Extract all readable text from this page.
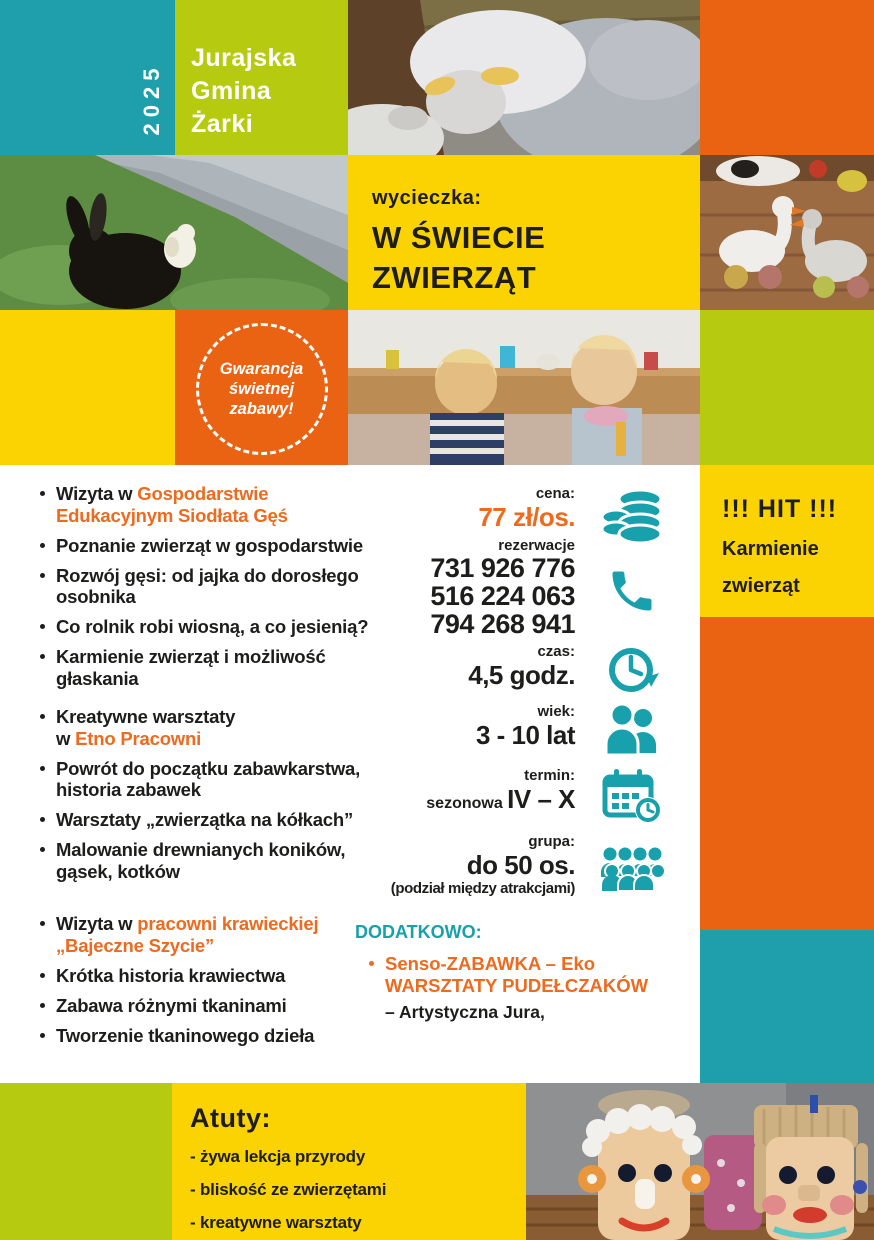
2025
Jurajska
Gmina
Żarki
wycieczka:
W ŚWIECIE
ZWIERZĄT
Gwarancja
świetnej
zabawy!
!!! HIT !!!
Karmienie
zwierząt
Wizyta w Gospodarstwie Edukacyjnym Siodłata Gęś
Poznanie zwierząt w gospodarstwie
Rozwój gęsi: od jajka do dorosłego osobnika
Co rolnik robi wiosną, a co jesienią?
Karmienie zwierząt i możliwość głaskania
Kreatywne warsztaty
w Etno Pracowni
Powrót do początku zabawkarstwa, historia zabawek
Warsztaty „zwierzątka na kółkach”
Malowanie drewnianych koników, gąsek, kotków
Wizyta w pracowni krawieckiej „Bajeczne Szycie”
Krótka historia krawiectwa
Zabawa różnymi tkaninami
Tworzenie tkaninowego dzieła
cena:
77 zł/os.
rezerwacje
731 926 776
516 224 063
794 268 941
czas:
4,5 godz.
wiek:
3 - 10 lat
termin:
sezonowa IV – X
grupa:
do 50 os.
(podział między atrakcjami)
DODATKOWO:
Senso-ZABAWKA – Eko
WARSZTATY PUDEŁCZAKÓW
– Artystyczna Jura,

Atuty:
- żywa lekcja przyrody
- bliskość ze zwierzętami
- kreatywne warsztaty
